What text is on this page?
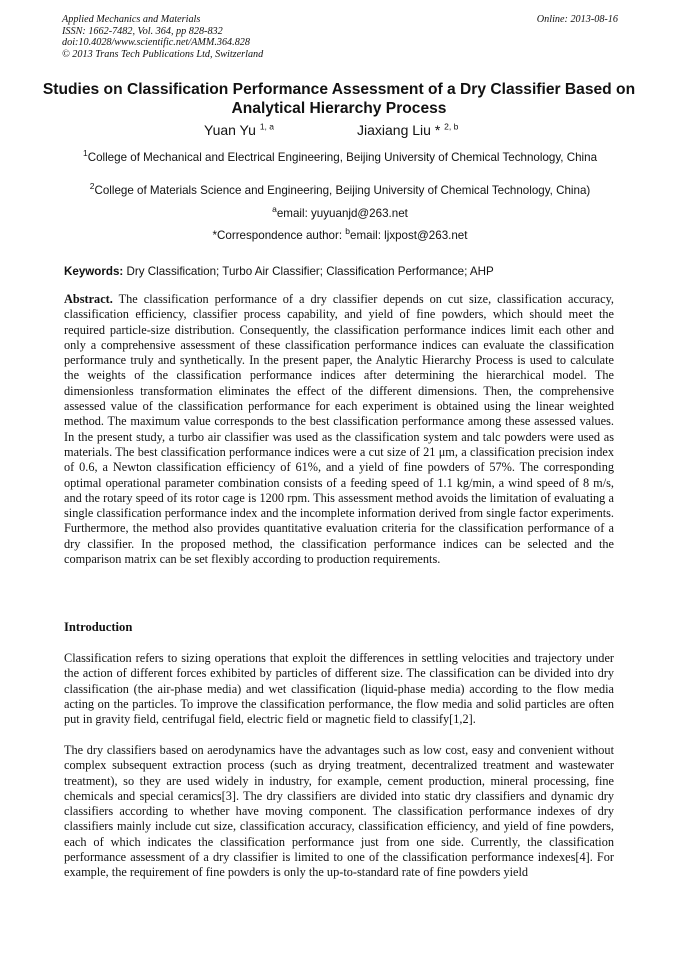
Applied Mechanics and Materials
ISSN: 1662-7482, Vol. 364, pp 828-832
doi:10.4028/www.scientific.net/AMM.364.828
© 2013 Trans Tech Publications Ltd, Switzerland
Online: 2013-08-16
Studies on Classification Performance Assessment of a Dry Classifier Based on Analytical Hierarchy Process
Yuan Yu $^{1, a}$	Jiaxiang Liu * $^{2, b}$
$^1$College of Mechanical and Electrical Engineering, Beijing University of Chemical Technology, China
$^2$College of Materials Science and Engineering, Beijing University of Chemical Technology, China)
$^a$email: yuyuanjd@263.net
*Correspondence author: $^b$email: ljxpost@263.net
Keywords: Dry Classification; Turbo Air Classifier; Classification Performance; AHP
Abstract. The classification performance of a dry classifier depends on cut size, classification accuracy, classification efficiency, classifier process capability, and yield of fine powders, which should meet the required particle-size distribution. Consequently, the classification performance indices limit each other and only a comprehensive assessment of these classification performance indices can evaluate the classification performance truly and synthetically. In the present paper, the Analytic Hierarchy Process is used to calculate the weights of the classification performance indices after determining the hierarchical model. The dimensionless transformation eliminates the effect of the different dimensions. Then, the comprehensive assessed value of the classification performance for each experiment is obtained using the linear weighted method. The maximum value corresponds to the best classification performance among these assessed values. In the present study, a turbo air classifier was used as the classification system and talc powders were used as materials. The best classification performance indices were a cut size of 21 μm, a classification precision index of 0.6, a Newton classification efficiency of 61%, and a yield of fine powders of 57%. The corresponding optimal operational parameter combination consists of a feeding speed of 1.1 kg/min, a wind speed of 8 m/s, and the rotary speed of its rotor cage is 1200 rpm. This assessment method avoids the limitation of evaluating a single classification performance index and the incomplete information derived from single factor experiments. Furthermore, the method also provides quantitative evaluation criteria for the classification performance of a dry classifier. In the proposed method, the classification performance indices can be selected and the comparison matrix can be set flexibly according to production requirements.
Introduction
Classification refers to sizing operations that exploit the differences in settling velocities and trajectory under the action of different forces exhibited by particles of different size. The classification can be divided into dry classification (the air-phase media) and wet classification (liquid-phase media) according to the flow media acting on the particles. To improve the classification performance, the flow media and solid particles are often put in gravity field, centrifugal field, electric field or magnetic field to classify[1,2].
The dry classifiers based on aerodynamics have the advantages such as low cost, easy and convenient without complex subsequent extraction process (such as drying treatment, decentralized treatment and wastewater treatment), so they are used widely in industry, for example, cement production, mineral processing, fine chemicals and special ceramics[3]. The dry classifiers are divided into static dry classifiers and dynamic dry classifiers according to whether have moving component. The classification performance indexes of dry classifiers mainly include cut size, classification accuracy, classification efficiency, and yield of fine powders, each of which indicates the classification performance just from one side. Currently, the classification performance assessment of a dry classifier is limited to one of the classification performance indexes[4]. For example, the requirement of fine powders is only the up-to-standard rate of fine powders yield
